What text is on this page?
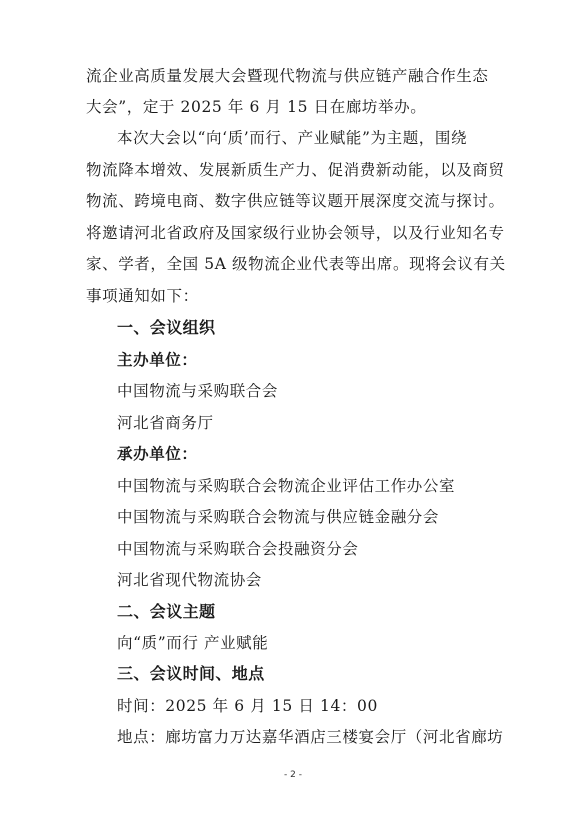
流企业高质量发展大会暨现代物流与供应链产融合作生态
大会”，定于 2025 年 6 月 15 日在廊坊举办。
本次大会以“向‘质’而行、产业赋能”为主题，围绕
物流降本增效、发展新质生产力、促消费新动能，以及商贸
物流、跨境电商、数字供应链等议题开展深度交流与探讨。
将邀请河北省政府及国家级行业协会领导，以及行业知名专
家、学者，全国 5A 级物流企业代表等出席。现将会议有关
事项通知如下：
一、会议组织
主办单位：
中国物流与采购联合会
河北省商务厅
承办单位：
中国物流与采购联合会物流企业评估工作办公室
中国物流与采购联合会物流与供应链金融分会
中国物流与采购联合会投融资分会
河北省现代物流协会
二、会议主题
向“质”而行 产业赋能
三、会议时间、地点
时间：2025 年 6 月 15 日 14：00
地点：廊坊富力万达嘉华酒店三楼宴会厅（河北省廊坊
- 2 -
